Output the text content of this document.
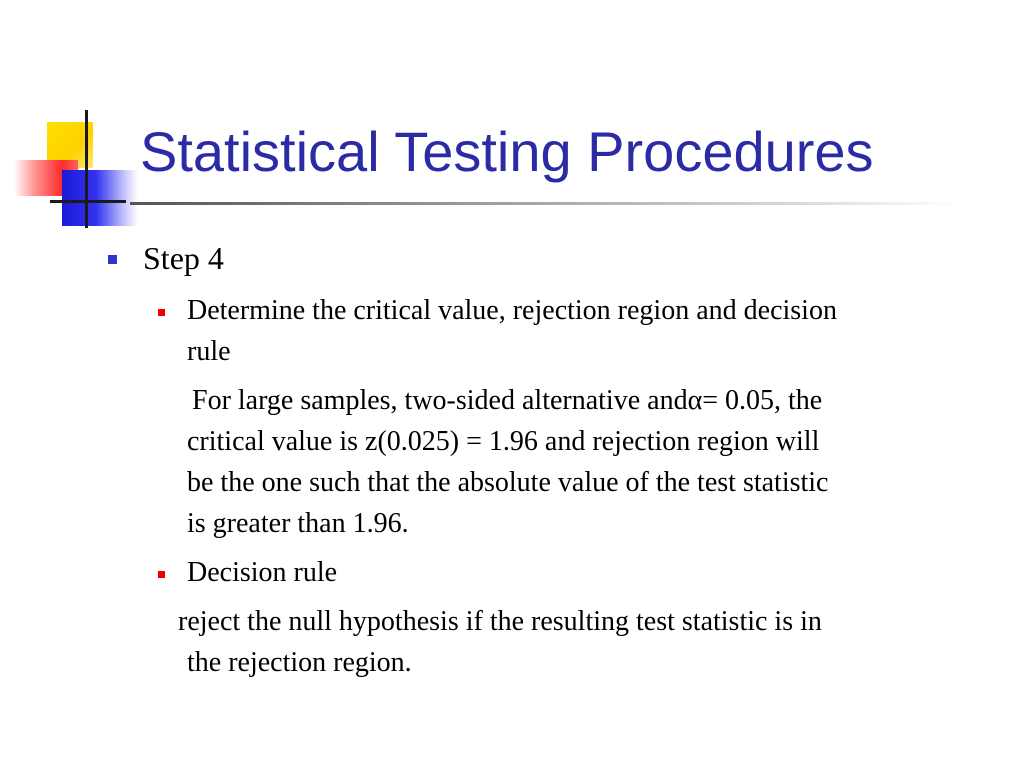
Statistical Testing Procedures

Step 4

Determine the critical value, rejection region and decision
rule
For large samples, two-sided alternative andα= 0.05, the
critical value is z(0.025) = 1.96 and rejection region will
be the one such that the absolute value of the test statistic
is greater than 1.96.
Decision rule
reject the null hypothesis if the resulting test statistic is in
the rejection region.
